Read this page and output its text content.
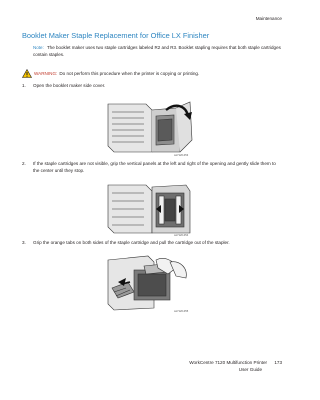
Maintenance
Booklet Maker Staple Replacement for Office LX Finisher
Note: The booklet maker uses two staple cartridges labeled R2 and R3. Booklet stapling requires that both staple cartridges contain staples.
WARNING: Do not perform this procedure when the printer is copying or printing.
1.	Open the booklet maker side cover.
wc7120-053
2.	If the staple cartridges are not visible, grip the vertical panels at the left and right of the opening and gently slide them to the center until they stop.
wc7120-054
3.	Grip the orange tabs on both sides of the staple cartridge and pull the cartridge out of the stapler.
wc7120-055
WorkCentre 7120 Multifunction Printer 173
User Guide
